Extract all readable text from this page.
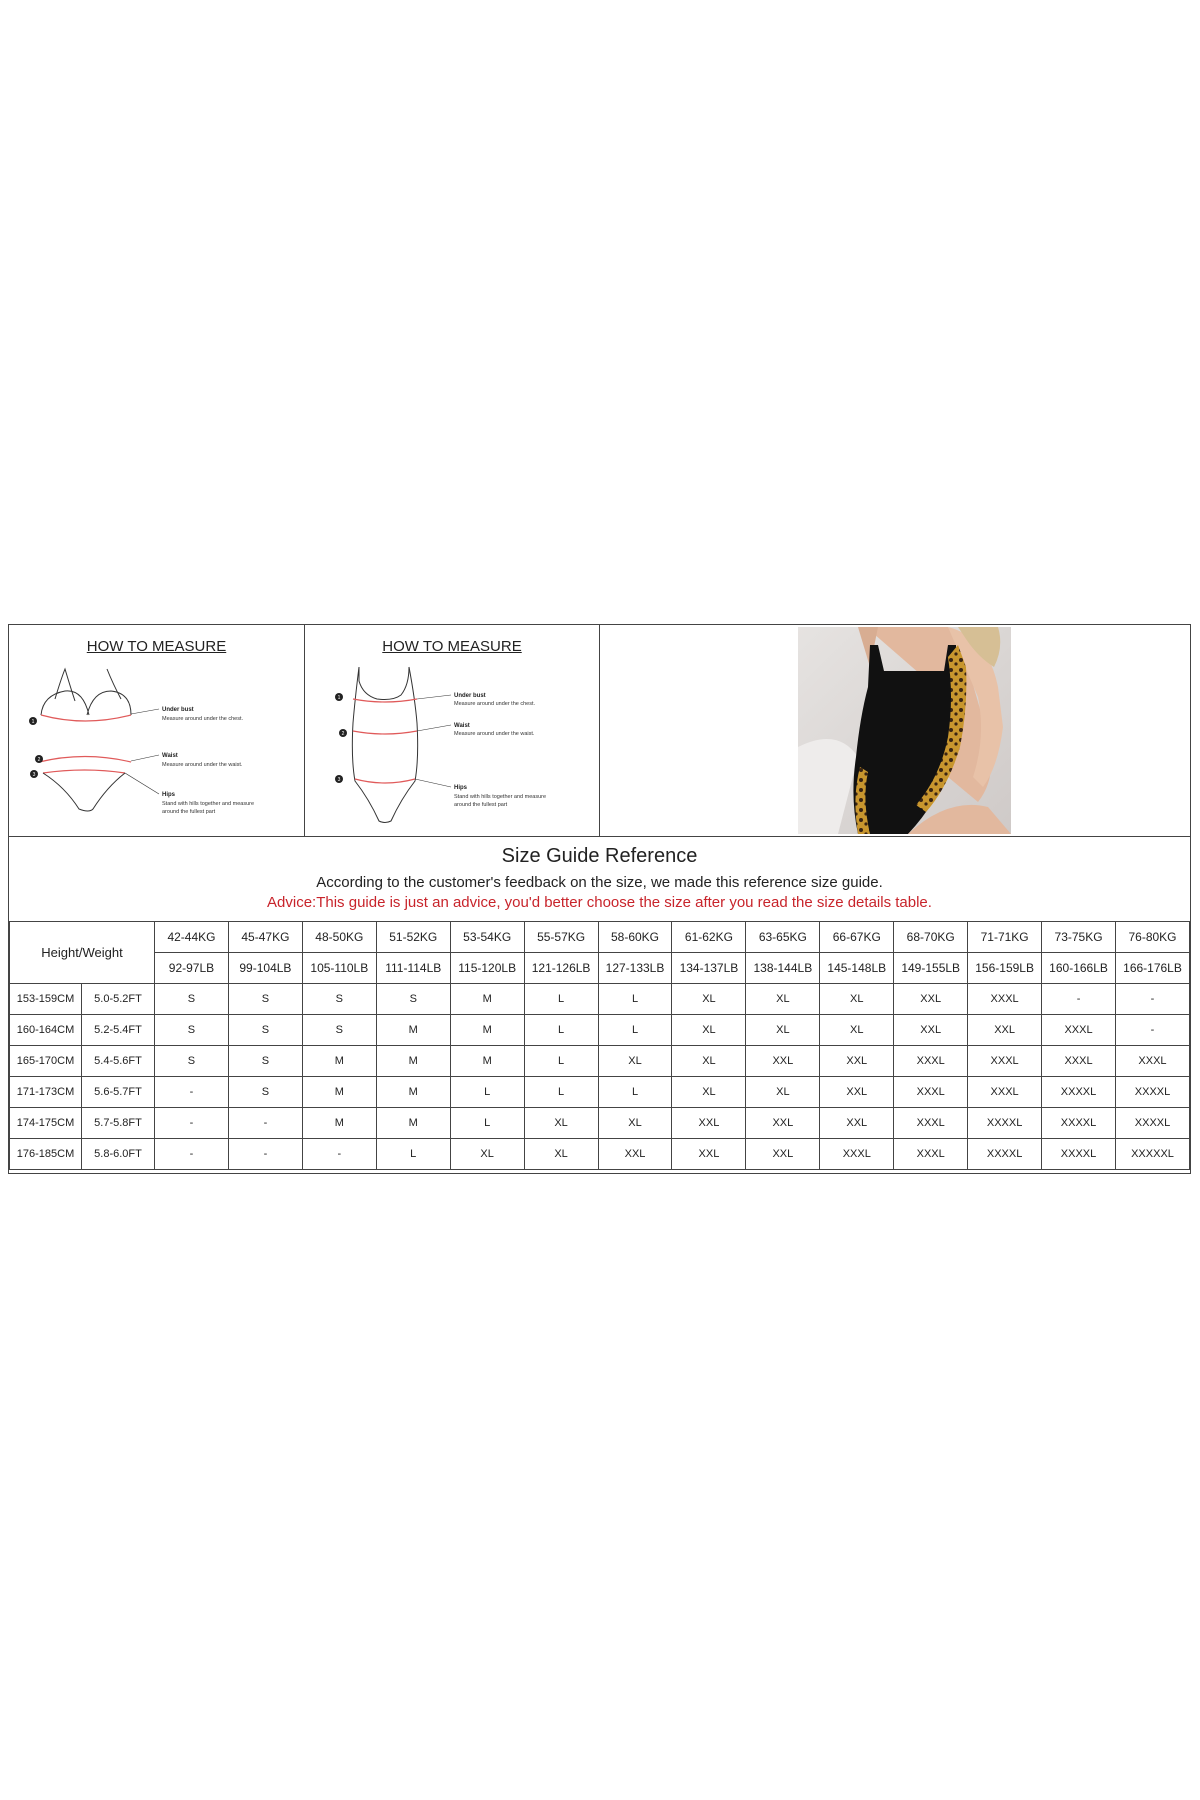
HOW TO MEASURE
1
2
3
Under bust
Measure around under the chest.
Waist
Measure around under the waist.
Hips
Stand with hills together and measure
around the fullest part
HOW TO MEASURE
1
2
3
Under bust
Measure around under the chest.
Waist
Measure around under the waist.
Hips
Stand with hills together and measure
around the fullest part
Size Guide Reference
According to the customer's feedback on the size, we made this reference size guide.
Advice:This guide is just an advice, you'd better choose the size after you read the size details table.
Height/Weight		42-44KG	45-47KG	48-50KG	51-52KG	53-54KG	55-57KG	58-60KG	61-62KG	63-65KG	66-67KG	68-70KG	71-71KG	73-75KG	76-80KG
		92-97LB	99-104LB	105-110LB	111-114LB	115-120LB	121-126LB	127-133LB	134-137LB	138-144LB	145-148LB	149-155LB	156-159LB	160-166LB	166-176LB
153-159CM	5.0-5.2FT	S	S	S	S	M	L	L	XL	XL	XL	XXL	XXXL	-	-
160-164CM	5.2-5.4FT	S	S	S	M	M	L	L	XL	XL	XL	XXL	XXL	XXXL	-
165-170CM	5.4-5.6FT	S	S	M	M	M	L	XL	XL	XXL	XXL	XXXL	XXXL	XXXL	XXXL
171-173CM	5.6-5.7FT	-	S	M	M	L	L	L	XL	XL	XXL	XXXL	XXXL	XXXXL	XXXXL
174-175CM	5.7-5.8FT	-	-	M	M	L	XL	XL	XXL	XXL	XXL	XXXL	XXXXL	XXXXL	XXXXL
176-185CM	5.8-6.0FT	-	-	-	L	XL	XL	XXL	XXL	XXL	XXXL	XXXL	XXXXL	XXXXL	XXXXXL
